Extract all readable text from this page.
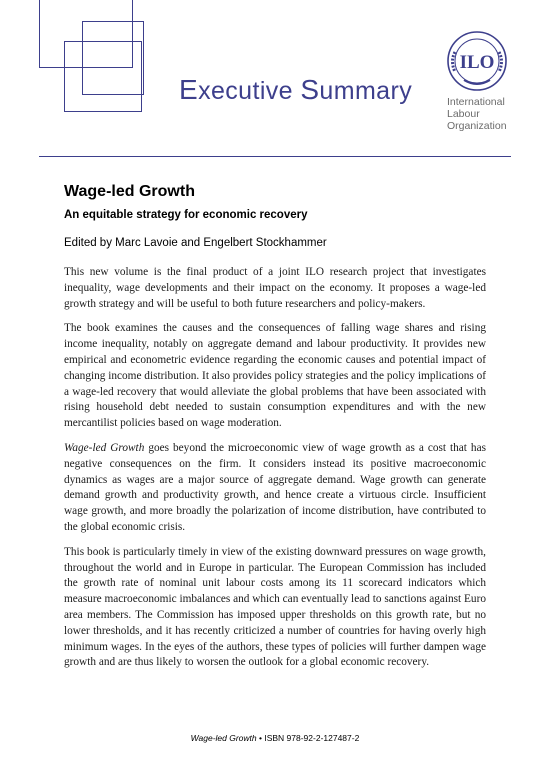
Executive Summary
ILO
International
Labour
Organization
Wage-led Growth
An equitable strategy for economic recovery
Edited by Marc Lavoie and Engelbert Stockhammer

This new volume is the final product of a joint ILO research project that investigates inequality, wage developments and their impact on the economy. It proposes a wage-led growth strategy and will be useful to both future researchers and policy-makers.

The book examines the causes and the consequences of falling wage shares and rising income inequality, notably on aggregate demand and labour productivity. It provides new empirical and econometric evidence regarding the economic causes and potential impact of changing income distribution. It also provides policy strategies and the policy implications of a wage-led recovery that would alleviate the global problems that have been associated with rising household debt needed to sustain consumption expenditures and with the new mercantilist policies based on wage moderation.

Wage-led Growth goes beyond the microeconomic view of wage growth as a cost that has negative consequences on the firm. It considers instead its positive macroeconomic dynamics as wages are a major source of aggregate demand. Wage growth can generate demand growth and productivity growth, and hence create a virtuous circle. Insufficient wage growth, and more broadly the polarization of income distribution, have contributed to the global economic crisis.

This book is particularly timely in view of the existing downward pressures on wage growth, throughout the world and in Europe in particular. The European Commission has included the growth rate of nominal unit labour costs among its 11 scorecard indicators which measure macroeconomic imbalances and which can eventually lead to sanctions against Euro area members. The Commission has imposed upper thresholds on this growth rate, but no lower thresholds, and it has recently criticized a number of countries for having overly high minimum wages. In the eyes of the authors, these types of policies will further dampen wage growth and are thus likely to worsen the outlook for a global economic recovery.

Wage-led Growth • ISBN 978-92-2-127487-2
